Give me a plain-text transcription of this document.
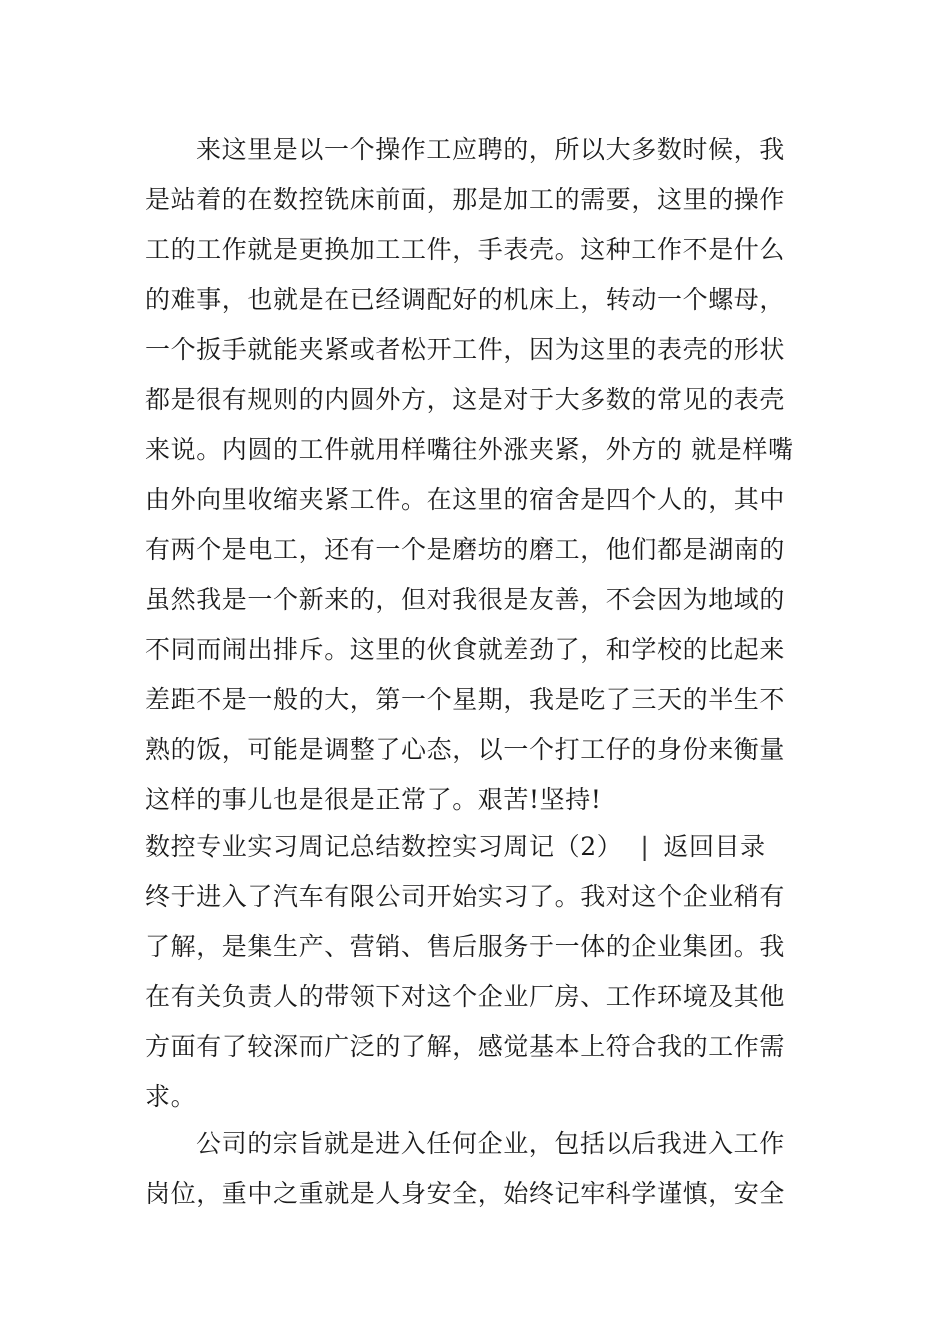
来这里是以一个操作工应聘的，所以大多数时候，我
是站着的在数控铣床前面，那是加工的需要，这里的操作
工的工作就是更换加工工件，手表壳。这种工作不是什么
的难事，也就是在已经调配好的机床上，转动一个螺母，
一个扳手就能夹紧或者松开工件，因为这里的表壳的形状
都是很有规则的内圆外方，这是对于大多数的常见的表壳
来说。内圆的工件就用样嘴往外涨夹紧，外方的 就是样嘴
由外向里收缩夹紧工件。在这里的宿舍是四个人的，其中
有两个是电工，还有一个是磨坊的磨工，他们都是湖南的
虽然我是一个新来的，但对我很是友善，不会因为地域的
不同而闹出排斥。这里的伙食就差劲了，和学校的比起来
差距不是一般的大，第一个星期，我是吃了三天的半生不
熟的饭，可能是调整了心态，以一个打工仔的身份来衡量
这样的事儿也是很是正常了。艰苦!坚持!
数控专业实习周记总结数控实习周记（2） | 返回目录
终于进入了汽车有限公司开始实习了。我对这个企业稍有
了解，是集生产、营销、售后服务于一体的企业集团。我
在有关负责人的带领下对这个企业厂房、工作环境及其他
方面有了较深而广泛的了解，感觉基本上符合我的工作需
求。
公司的宗旨就是进入任何企业，包括以后我进入工作
岗位，重中之重就是人身安全，始终记牢科学谨慎，安全
